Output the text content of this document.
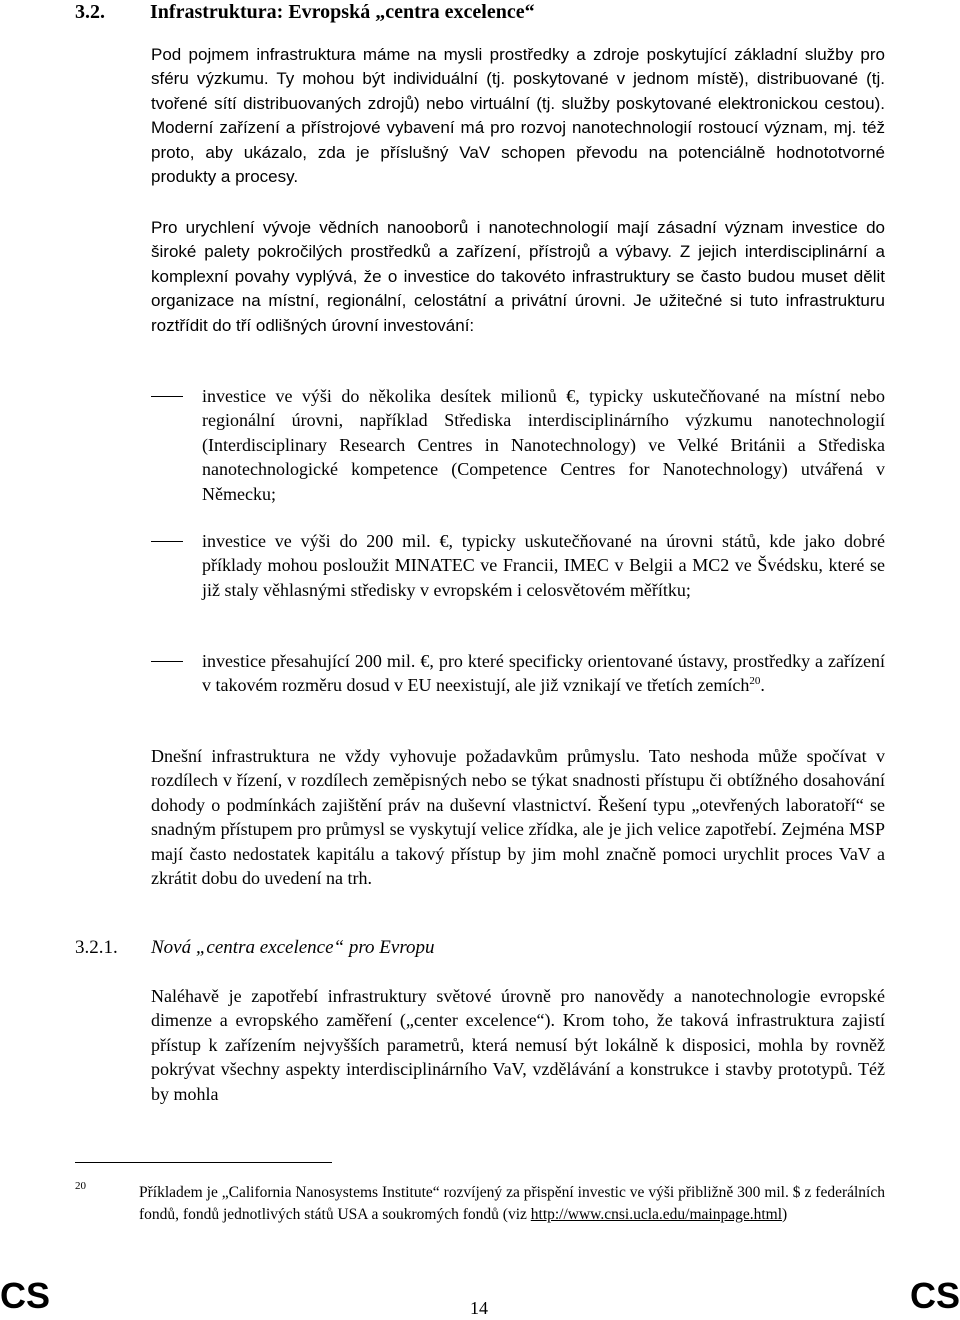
3.2. Infrastruktura: Evropská „centra excelence“

Pod pojmem infrastruktura máme na mysli prostředky a zdroje poskytující základní služby pro sféru výzkumu. Ty mohou být individuální (tj. poskytované v jednom místě), distribuované (tj. tvořené sítí distribuovaných zdrojů) nebo virtuální (tj. služby poskytované elektronickou cestou). Moderní zařízení a přístrojové vybavení má pro rozvoj nanotechnologií rostoucí význam, mj. též proto, aby ukázalo, zda je příslušný VaV schopen převodu na potenciálně hodnototvorné produkty a procesy.

Pro urychlení vývoje vědních nanooborů i nanotechnologií mají zásadní význam investice do široké palety pokročilých prostředků a zařízení, přístrojů a výbavy. Z jejich interdisciplinární a komplexní povahy vyplývá, že o investice do takovéto infrastruktury se často budou muset dělit organizace na místní, regionální, celostátní a privátní úrovni. Je užitečné si tuto infrastrukturu roztřídit do tří odlišných úrovní investování:

investice ve výši do několika desítek milionů €, typicky uskutečňované na místní nebo regionální úrovni, například Střediska interdisciplinárního výzkumu nanotechnologií (Interdisciplinary Research Centres in Nanotechnology) ve Velké Británii a Střediska nanotechnologické kompetence (Competence Centres for Nanotechnology) utvářená v Německu;
investice ve výši do 200 mil. €, typicky uskutečňované na úrovni států, kde jako dobré příklady mohou posloužit MINATEC ve Francii, IMEC v Belgii a MC2 ve Švédsku, které se již staly věhlasnými středisky v evropském i celosvětovém měřítku;
investice přesahující 200 mil. €, pro které specificky orientované ústavy, prostředky a zařízení v takovém rozměru dosud v EU neexistují, ale již vznikají ve třetích zemích$^{20}$.

Dnešní infrastruktura ne vždy vyhovuje požadavkům průmyslu. Tato neshoda může spočívat v rozdílech v řízení, v rozdílech zeměpisných nebo se týkat snadnosti přístupu či obtížného dosahování dohody o podmínkách zajištění práv na duševní vlastnictví. Řešení typu „otevřených laboratoří“ se snadným přístupem pro průmysl se vyskytují velice zřídka, ale je jich velice zapotřebí. Zejména MSP mají často nedostatek kapitálu a takový přístup by jim mohl značně pomoci urychlit proces VaV a zkrátit dobu do uvedení na trh.

3.2.1. Nová „centra excelence“ pro Evropu

Naléhavě je zapotřebí infrastruktury světové úrovně pro nanovědy a nanotechnologie evropské dimenze a evropského zaměření („center excelence“). Krom toho, že taková infrastruktura zajistí přístup k zařízením nejvyšších parametrů, která nemusí být lokálně k disposici, mohla by rovněž pokrývat všechny aspekty interdisciplinárního VaV, vzdělávání a konstrukce i stavby prototypů. Též by mohla

20	Příkladem je „California Nanosystems Institute“ rozvíjený za přispění investic ve výši přibližně 300 mil. $ z federálních fondů, fondů jednotlivých států USA a soukromých fondů (viz http://www.cnsi.ucla.edu/mainpage.html)
CS	14	CS
